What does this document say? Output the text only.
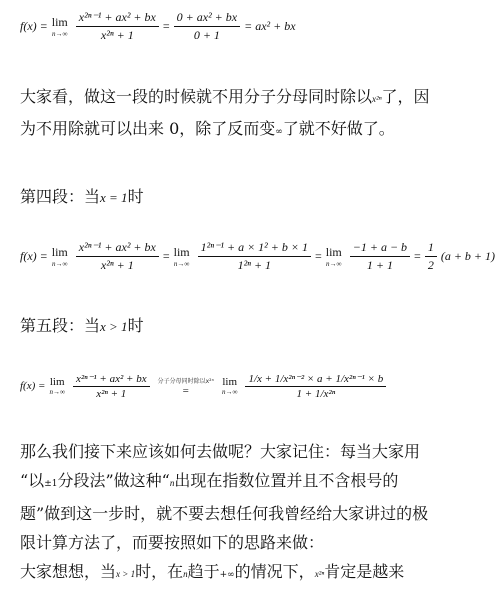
f(x) = lim
$n\to\infty \frac{\text{x²ⁿ⁻¹ + ax² + bx}}{\text{x²ⁿ + 1}} = \frac{\text{0 + ax² + bx}}{0 + 1} = ax^2$ + bx
大家看，做这一段的时候就不用分子分母同时除以x²ⁿ了，因为不用除就可以出来 0，除了反而变∞了就不好做了。
第四段：当x = 1时
f(x) = lim
$n\to\infty \frac{\text{x²ⁿ⁻¹ + ax² + bx}}{\text{x²ⁿ + 1}} = \lim$
$n\to\infty \frac{\text{1²ⁿ⁻¹ + a × 1² + b × 1}}{\text{1²ⁿ + 1}} = \lim$
$n\to\infty \frac{-1 + a - b}{1 + 1} = \frac{1}{2} (a + b + 1)$
第五段：当x > 1时
f(x) = lim
$n\to\infty \frac{\text{x²ⁿ⁻¹ + ax² + bx}}{\text{x²ⁿ + 1}}$ 分子分母同时除以x²ⁿ
=
lim
$n\to\infty \frac{\text{1/x + 1/x²ⁿ⁻² × a + 1/x²ⁿ⁻¹ × b}}{\text{1 + 1/x²ⁿ}}$
那么我们接下来应该如何去做呢？大家记住：每当大家用
“以±1分段法”做这种“n出现在指数位置并且不含根号的
题”做到这一步时，就不要去想任何我曾经给大家讲过的极
限计算方法了，而要按照如下的思路来做：
大家想想，当x > 1时，在n趋于+∞的情况下，x²ⁿ肯定是越来
